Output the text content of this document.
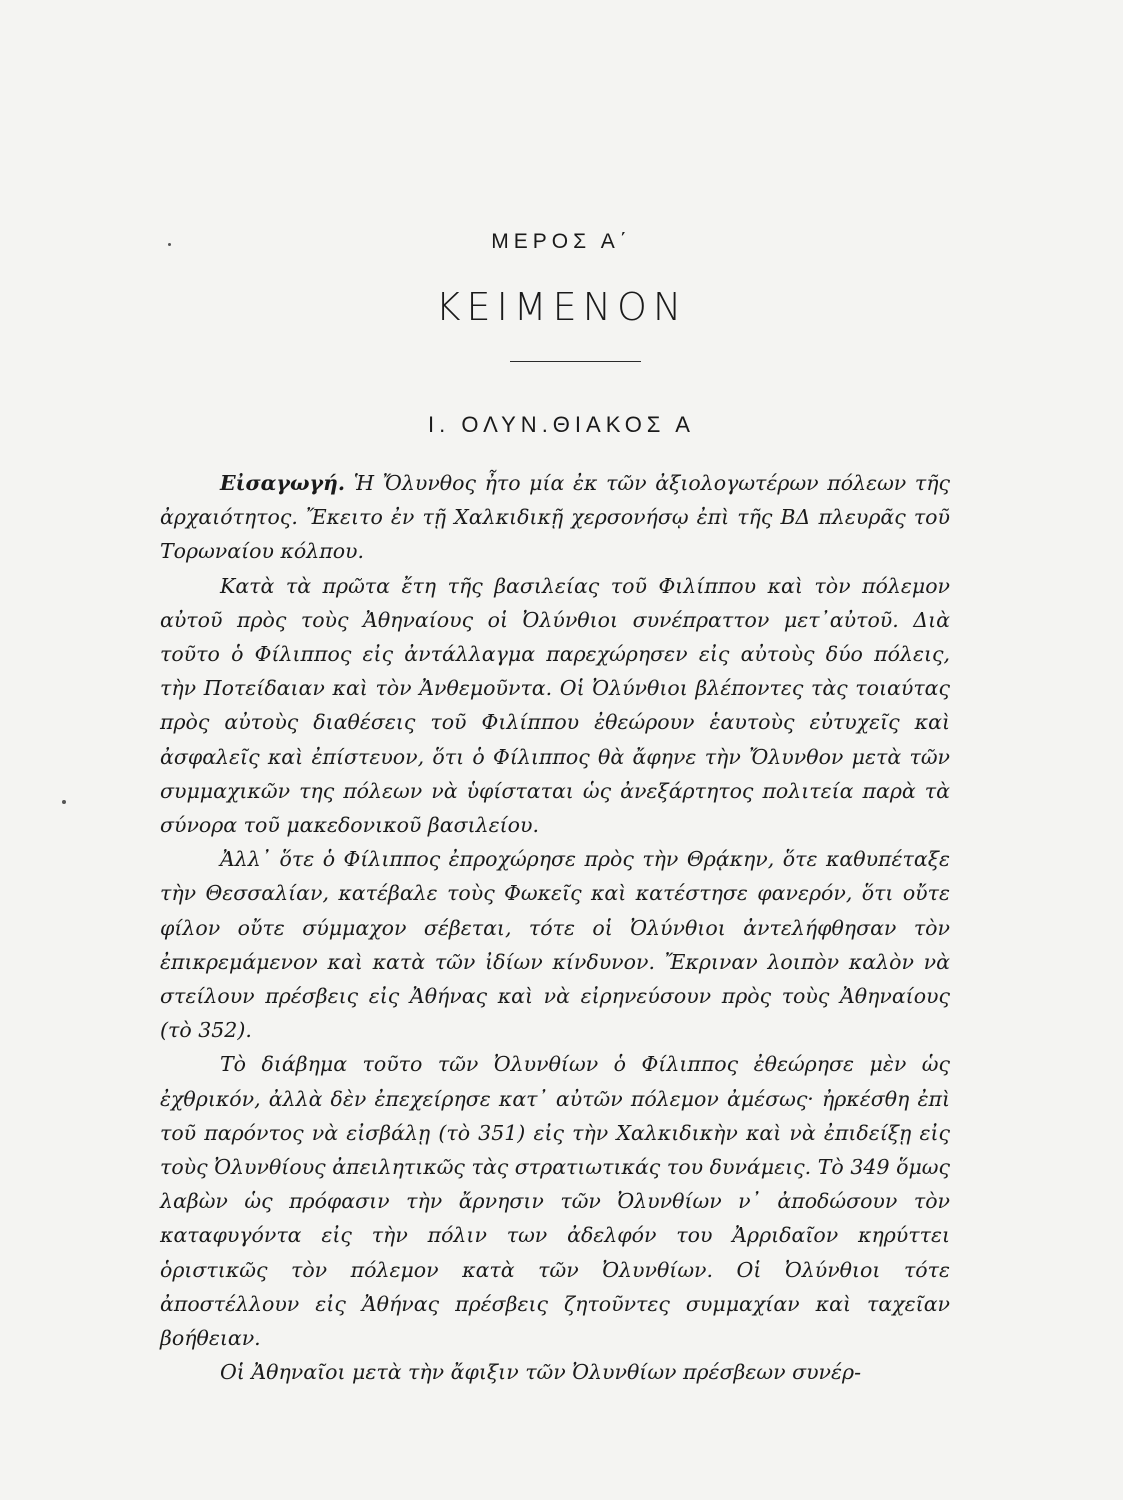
ΜΕΡΟΣ Α΄
ΚΕΙΜΕΝΟΝ
Ι. ΟΛΥΝ.ΘΙΑΚΟΣ Α

Εἰσαγωγή. Ἡ Ὄλυνθος ἦτο μία ἐκ τῶν ἀξιολογωτέρων πόλεων τῆς ἀρχαιότητος. Ἔκειτο ἐν τῇ Χαλκιδικῇ χερσονήσῳ ἐπὶ τῆς ΒΔ πλευρᾶς τοῦ Τορωναίου κόλπου.

Κατὰ τὰ πρῶτα ἔτη τῆς βασιλείας τοῦ Φιλίππου καὶ τὸν πόλεμον αὐτοῦ πρὸς τοὺς Ἀθηναίους οἱ Ὀλύνθιοι συνέπραττον μετ᾽αὐτοῦ. Διὰ τοῦτο ὁ Φίλιππος εἰς ἀντάλλαγμα παρεχώρησεν εἰς αὐτοὺς δύο πόλεις, τὴν Ποτείδαιαν καὶ τὸν Ἀνθεμοῦντα. Οἱ Ὀλύνθιοι βλέποντες τὰς τοιαύτας πρὸς αὐτοὺς διαθέσεις τοῦ Φιλίππου ἐθεώρουν ἑαυτοὺς εὐτυχεῖς καὶ ἀσφαλεῖς καὶ ἐπίστευον, ὅτι ὁ Φίλιππος θὰ ἄφηνε τὴν Ὄλυνθον μετὰ τῶν συμμαχικῶν της πόλεων νὰ ὑφίσταται ὡς ἀνεξάρτητος πολιτεία παρὰ τὰ σύνορα τοῦ μακεδονικοῦ βασιλείου.

Ἀλλ᾽ ὅτε ὁ Φίλιππος ἐπροχώρησε πρὸς τὴν Θρᾴκην, ὅτε καθυπέταξε τὴν Θεσσαλίαν, κατέβαλε τοὺς Φωκεῖς καὶ κατέστησε φανερόν, ὅτι οὔτε φίλον οὔτε σύμμαχον σέβεται, τότε οἱ Ὀλύνθιοι ἀντελήφθησαν τὸν ἐπικρεμάμενον καὶ κατὰ τῶν ἰδίων κίνδυνον. Ἔκριναν λοιπὸν καλὸν νὰ στείλουν πρέσβεις εἰς Ἀθήνας καὶ νὰ εἰρηνεύσουν πρὸς τοὺς Ἀθηναίους (τὸ 352).

Τὸ διάβημα τοῦτο τῶν Ὀλυνθίων ὁ Φίλιππος ἐθεώρησε μὲν ὡς ἐχθρικόν, ἀλλὰ δὲν ἐπεχείρησε κατ᾽ αὐτῶν πόλεμον ἀμέσως· ἠρκέσθη ἐπὶ τοῦ παρόντος νὰ εἰσβάλῃ (τὸ 351) εἰς τὴν Χαλκιδικὴν καὶ νὰ ἐπιδείξῃ εἰς τοὺς Ὀλυνθίους ἀπειλητικῶς τὰς στρατιωτικάς του δυνάμεις. Τὸ 349 ὅμως λαβὼν ὡς πρόφασιν τὴν ἄρνησιν τῶν Ὀλυνθίων ν᾽ ἀποδώσουν τὸν καταφυγόντα εἰς τὴν πόλιν των ἀδελφόν του Ἀρριδαῖον κηρύττει ὁριστικῶς τὸν πόλεμον κατὰ τῶν Ὀλυνθίων. Οἱ Ὀλύνθιοι τότε ἀποστέλλουν εἰς Ἀθήνας πρέσβεις ζητοῦντες συμμαχίαν καὶ ταχεῖαν βοήθειαν.

Οἱ Ἀθηναῖοι μετὰ τὴν ἄφιξιν τῶν Ὀλυνθίων πρέσβεων συνέρ-
